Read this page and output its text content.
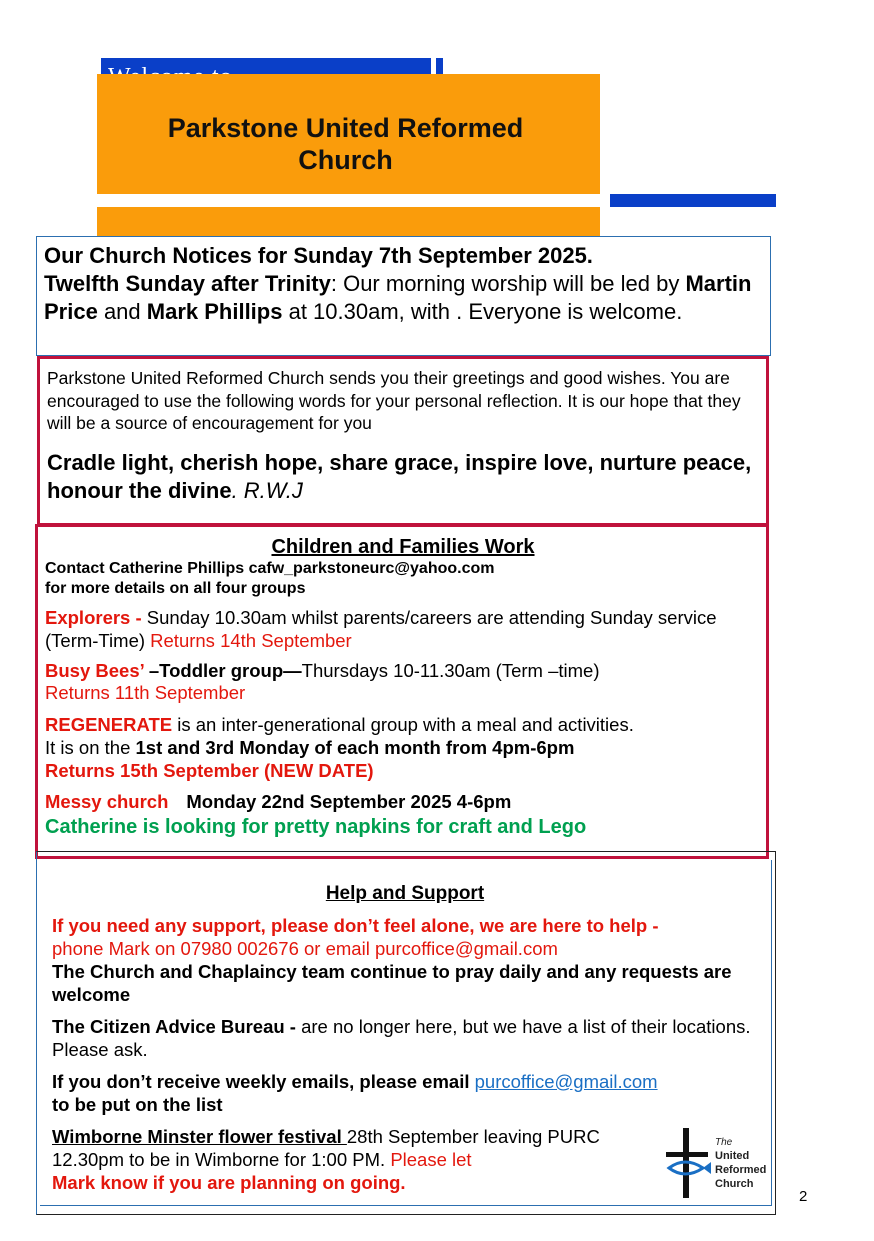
Parkstone United Reformed
Church
Our Church Notices for Sunday 7th September 2025.

Twelfth Sunday after Trinity: Our morning worship will be led by Martin Price and Mark Phillips at 10.30am, with . Everyone is welcome.

Parkstone United Reformed Church sends you their greetings and good wishes. You are encouraged to use the following words for your personal reflection. It is our hope that they will be a source of encouragement for you

Cradle light, cherish hope, share grace, inspire love, nurture peace, honour the divine. R.W.J

Children and Families Work
Contact Catherine Phillips cafw_parkstoneurc@yahoo.com
for more details on all four groups

Explorers - Sunday 10.30am whilst parents/careers are attending Sunday service (Term-Time) Returns 14th September

Busy Bees’ –Toddler group—Thursdays 10-11.30am (Term –time)
Returns 11th September

REGENERATE is an inter-generational group with a meal and activities.
It is on the 1st and 3rd Monday of each month from 4pm-6pm
Returns 15th September (NEW DATE)

Messy church Monday 22nd September 2025 4-6pm

Catherine is looking for pretty napkins for craft and Lego

Help and Support

If you need any support, please don’t feel alone, we are here to help -
phone Mark on 07980 002676 or email purcoffice@gmail.com

The Church and Chaplaincy team continue to pray daily and any requests are welcome

The Citizen Advice Bureau - are no longer here, but we have a list of their locations. Please ask.

If you don’t receive weekly emails, please email purcoffice@gmail.com
to be put on the list

Wimborne Minster flower festival 28th September leaving PURC 12.30pm to be in Wimborne for 1:00 PM. Please let
Mark know if you are planning on going.

The
United
Reformed
Church
2
